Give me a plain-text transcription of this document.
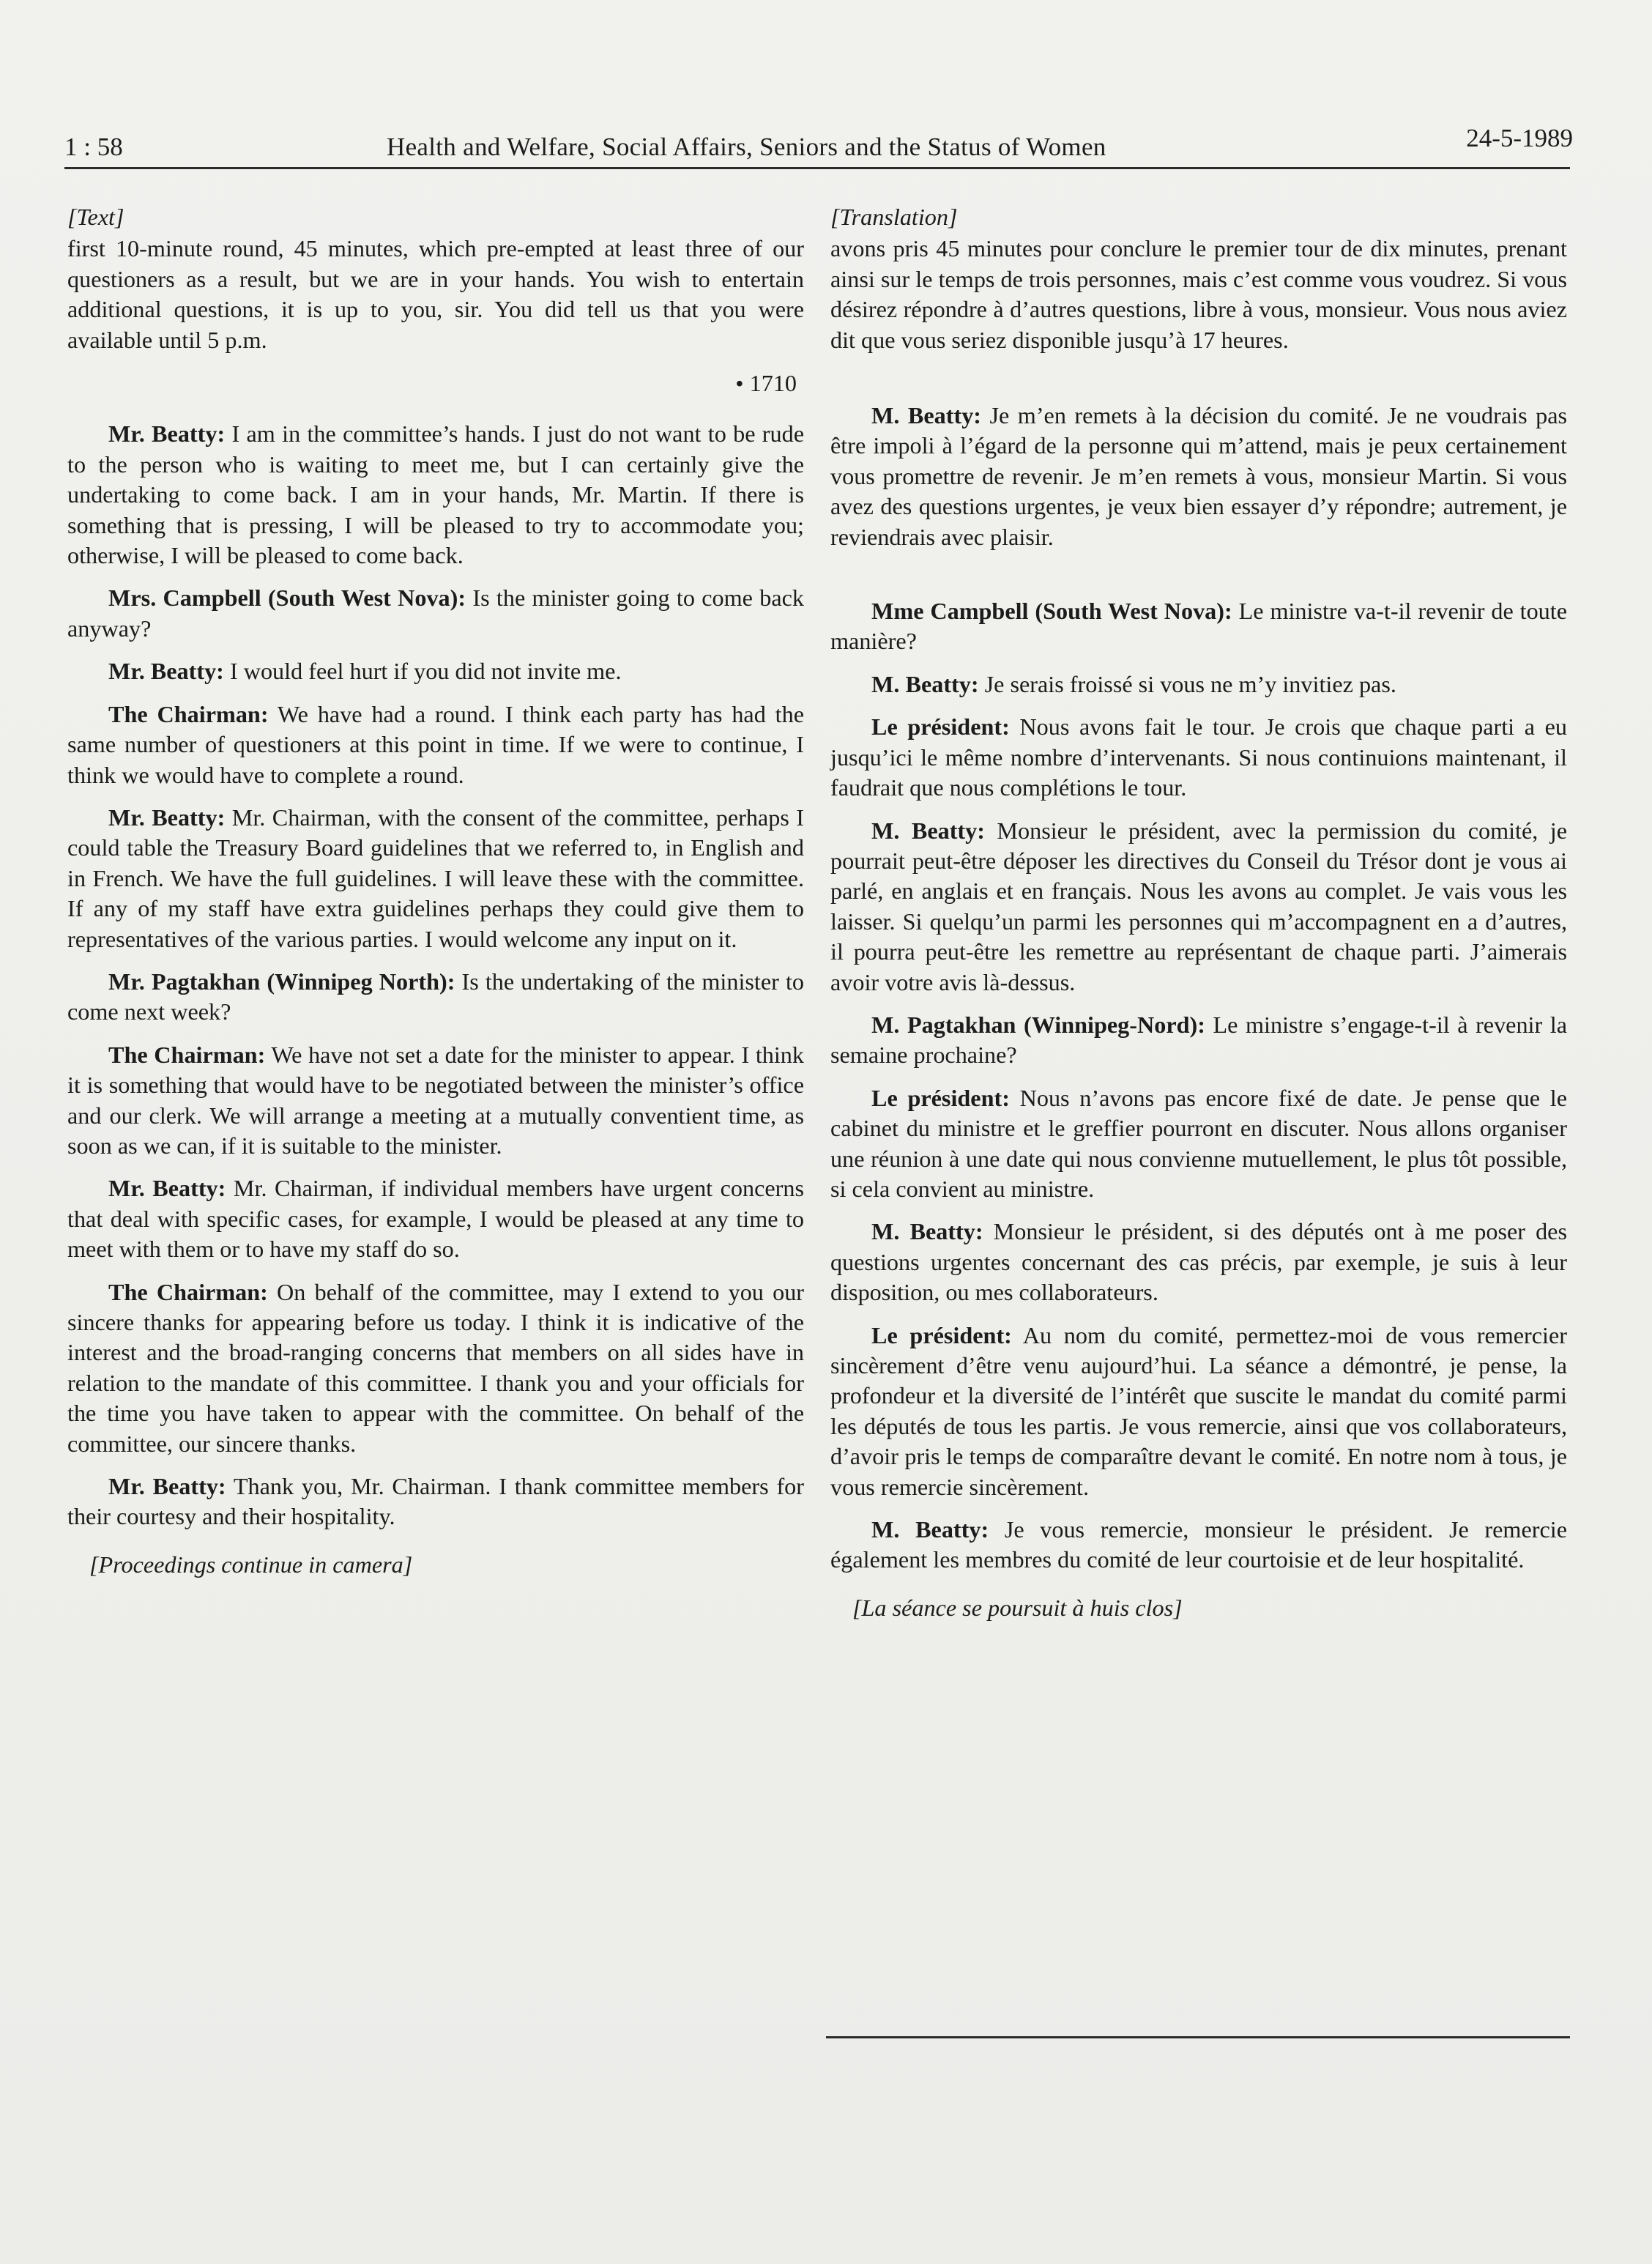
1 : 58	Health and Welfare, Social Affairs, Seniors and the Status of Women	24-5-1989

[Text]

first 10-minute round, 45 minutes, which pre-empted at least three of our questioners as a result, but we are in your hands. You wish to entertain additional questions, it is up to you, sir. You did tell us that you were available until 5 p.m.

• 1710

Mr. Beatty: I am in the committee’s hands. I just do not want to be rude to the person who is waiting to meet me, but I can certainly give the undertaking to come back. I am in your hands, Mr. Martin. If there is something that is pressing, I will be pleased to try to accommodate you; otherwise, I will be pleased to come back.

Mrs. Campbell (South West Nova): Is the minister going to come back anyway?

Mr. Beatty: I would feel hurt if you did not invite me.

The Chairman: We have had a round. I think each party has had the same number of questioners at this point in time. If we were to continue, I think we would have to complete a round.

Mr. Beatty: Mr. Chairman, with the consent of the committee, perhaps I could table the Treasury Board guidelines that we referred to, in English and in French. We have the full guidelines. I will leave these with the committee. If any of my staff have extra guidelines perhaps they could give them to representatives of the various parties. I would welcome any input on it.

Mr. Pagtakhan (Winnipeg North): Is the undertaking of the minister to come next week?

The Chairman: We have not set a date for the minister to appear. I think it is something that would have to be negotiated between the minister’s office and our clerk. We will arrange a meeting at a mutually conventient time, as soon as we can, if it is suitable to the minister.

Mr. Beatty: Mr. Chairman, if individual members have urgent concerns that deal with specific cases, for example, I would be pleased at any time to meet with them or to have my staff do so.

The Chairman: On behalf of the committee, may I extend to you our sincere thanks for appearing before us today. I think it is indicative of the interest and the broad-ranging concerns that members on all sides have in relation to the mandate of this committee. I thank you and your officials for the time you have taken to appear with the committee. On behalf of the committee, our sincere thanks.

Mr. Beatty: Thank you, Mr. Chairman. I thank committee members for their courtesy and their hospitality.

[Proceedings continue in camera]

[Translation]

avons pris 45 minutes pour conclure le premier tour de dix minutes, prenant ainsi sur le temps de trois personnes, mais c’est comme vous voudrez. Si vous désirez répondre à d’autres questions, libre à vous, monsieur. Vous nous aviez dit que vous seriez disponible jusqu’à 17 heures.

M. Beatty: Je m’en remets à la décision du comité. Je ne voudrais pas être impoli à l’égard de la personne qui m’attend, mais je peux certainement vous promettre de revenir. Je m’en remets à vous, monsieur Martin. Si vous avez des questions urgentes, je veux bien essayer d’y répondre; autrement, je reviendrais avec plaisir.

Mme Campbell (South West Nova): Le ministre va-t-il revenir de toute manière?

M. Beatty: Je serais froissé si vous ne m’y invitiez pas.

Le président: Nous avons fait le tour. Je crois que chaque parti a eu jusqu’ici le même nombre d’intervenants. Si nous continuions maintenant, il faudrait que nous complétions le tour.

M. Beatty: Monsieur le président, avec la permission du comité, je pourrait peut-être déposer les directives du Conseil du Trésor dont je vous ai parlé, en anglais et en français. Nous les avons au complet. Je vais vous les laisser. Si quelqu’un parmi les personnes qui m’accompagnent en a d’autres, il pourra peut-être les remettre au représentant de chaque parti. J’aimerais avoir votre avis là-dessus.

M. Pagtakhan (Winnipeg-Nord): Le ministre s’engage-t-il à revenir la semaine prochaine?

Le président: Nous n’avons pas encore fixé de date. Je pense que le cabinet du ministre et le greffier pourront en discuter. Nous allons organiser une réunion à une date qui nous convienne mutuellement, le plus tôt possible, si cela convient au ministre.

M. Beatty: Monsieur le président, si des députés ont à me poser des questions urgentes concernant des cas précis, par exemple, je suis à leur disposition, ou mes collaborateurs.

Le président: Au nom du comité, permettez-moi de vous remercier sincèrement d’être venu aujourd’hui. La séance a démontré, je pense, la profondeur et la diversité de l’intérêt que suscite le mandat du comité parmi les députés de tous les partis. Je vous remercie, ainsi que vos collaborateurs, d’avoir pris le temps de comparaître devant le comité. En notre nom à tous, je vous remercie sincèrement.

M. Beatty: Je vous remercie, monsieur le président. Je remercie également les membres du comité de leur courtoisie et de leur hospitalité.

[La séance se poursuit à huis clos]
